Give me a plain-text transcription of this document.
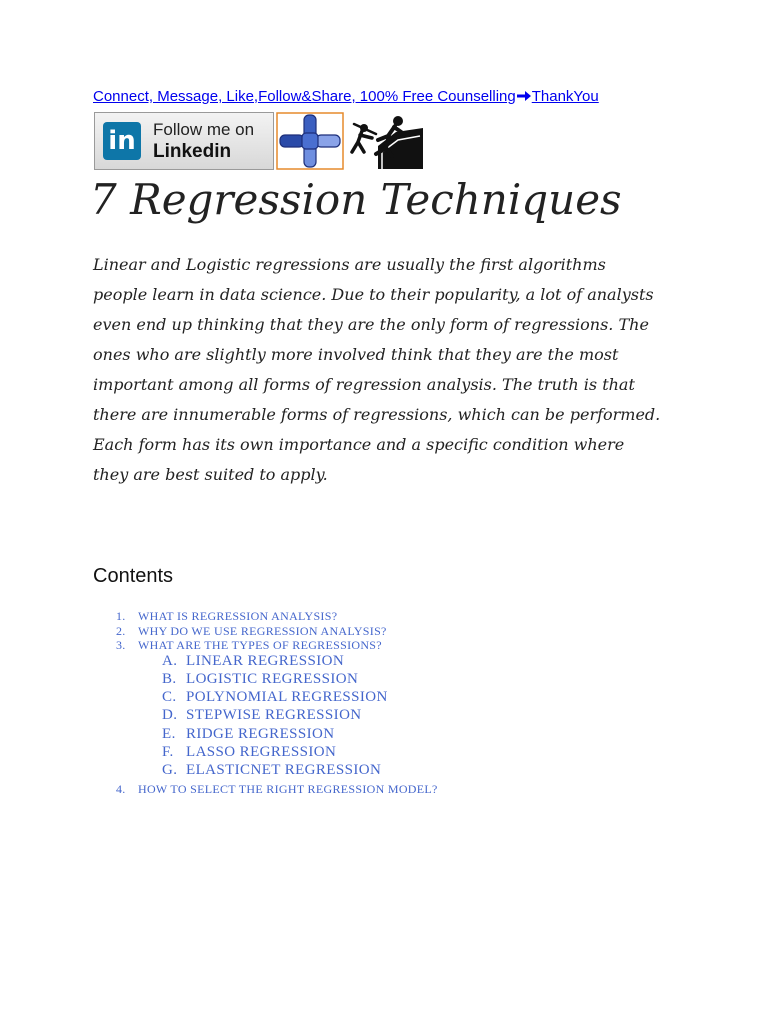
Connect, Message, Like,Follow&Share, 100% Free Counselling ThankYou
in	Follow me on
Linkedin
7 Regression Techniques

Linear and Logistic regressions are usually the first algorithms people learn in data science. Due to their popularity, a lot of analysts even end up thinking that they are the only form of regressions. The ones who are slightly more involved think that they are the most important among all forms of regression analysis. The truth is that there are innumerable forms of regressions, which can be performed. Each form has its own importance and a specific condition where they are best suited to apply.

Contents
1. WHAT IS REGRESSION ANALYSIS?
2. WHY DO WE USE REGRESSION ANALYSIS?
3. WHAT ARE THE TYPES OF REGRESSIONS?
A. LINEAR REGRESSION
B. LOGISTIC REGRESSION
C. POLYNOMIAL REGRESSION
D. STEPWISE REGRESSION
E. RIDGE REGRESSION
F. LASSO REGRESSION
G. ELASTICNET REGRESSION
4. HOW TO SELECT THE RIGHT REGRESSION MODEL?
